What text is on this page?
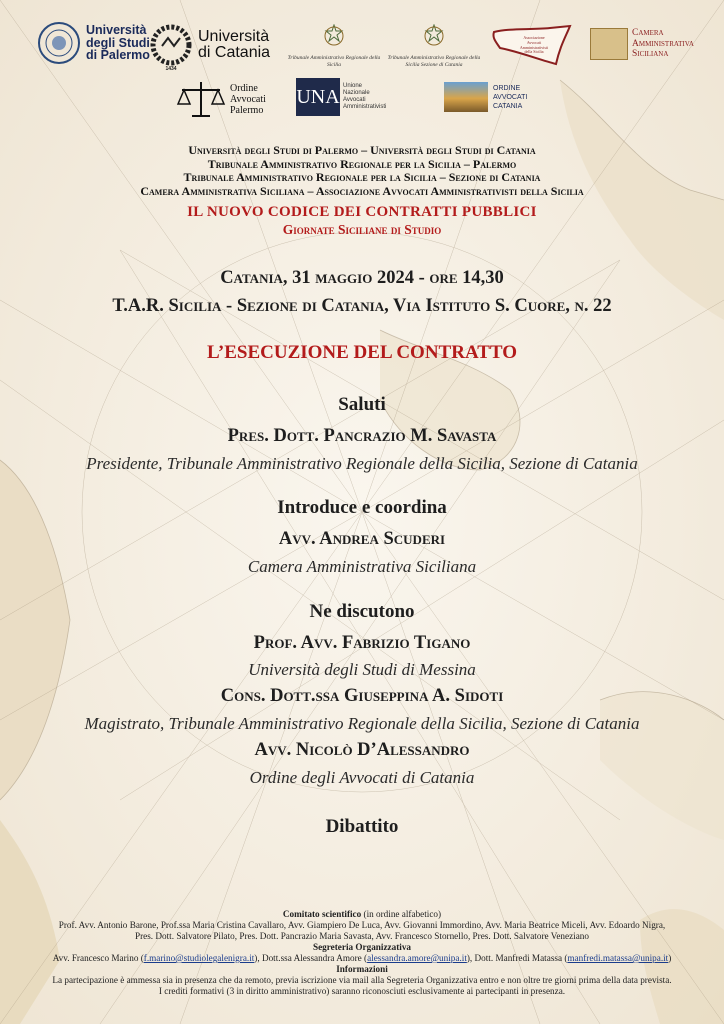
Università
degli Studi
di Palermo
1434
Università
di Catania	Tribunale Amministrativo Regionale della Sicilia
Tribunale Amministrativo Regionale della Sicilia Sezione di Catania
Associazione Avvocati Amministrativisti della Sicilia
Camera
Amministrativa
Siciliana
Ordine
Avvocati
Palermo
UNA Unione
Nazionale
Avvocati
Amministrativisti
ORDINE
AVVOCATI
CATANIA
Università degli Studi di Palermo – Università degli Studi di Catania
Tribunale Amministrativo Regionale per la Sicilia – Palermo
Tribunale Amministrativo Regionale per la Sicilia – Sezione di Catania
Camera Amministrativa Siciliana – Associazione Avvocati Amministrativisti della Sicilia
IL NUOVO CODICE DEI CONTRATTI PUBBLICI
Giornate Siciliane di Studio
Catania, 31 maggio 2024 - ore 14,30
T.A.R. Sicilia - Sezione di Catania, Via Istituto S. Cuore, n. 22
L’ESECUZIONE DEL CONTRATTO
Saluti
Pres. Dott. Pancrazio M. Savasta
Presidente, Tribunale Amministrativo Regionale della Sicilia, Sezione di Catania
Introduce e coordina
Avv. Andrea Scuderi
Camera Amministrativa Siciliana
Ne discutono
Prof. Avv. Fabrizio Tigano
Università degli Studi di Messina
Cons. Dott.ssa Giuseppina A. Sidoti
Magistrato, Tribunale Amministrativo Regionale della Sicilia, Sezione di Catania
Avv. Nicolò D’Alessandro
Ordine degli Avvocati di Catania
Dibattito
Comitato scientifico (in ordine alfabetico)
Prof. Avv. Antonio Barone, Prof.ssa Maria Cristina Cavallaro, Avv. Giampiero De Luca, Avv. Giovanni Immordino, Avv. Maria Beatrice Miceli, Avv. Edoardo Nigra,
Pres. Dott. Salvatore Pilato, Pres. Dott. Pancrazio Maria Savasta, Avv. Francesco Stornello, Pres. Dott. Salvatore Veneziano
Segreteria Organizzativa
Avv. Francesco Marino (f.marino@studiolegalenigra.it), Dott.ssa Alessandra Amore (alessandra.amore@unipa.it), Dott. Manfredi Matassa (manfredi.matassa@unipa.it)
Informazioni
La partecipazione è ammessa sia in presenza che da remoto, previa iscrizione via mail alla Segreteria Organizzativa entro e non oltre tre giorni prima della data prevista.
I crediti formativi (3 in diritto amministrativo) saranno riconosciuti esclusivamente ai partecipanti in presenza.
